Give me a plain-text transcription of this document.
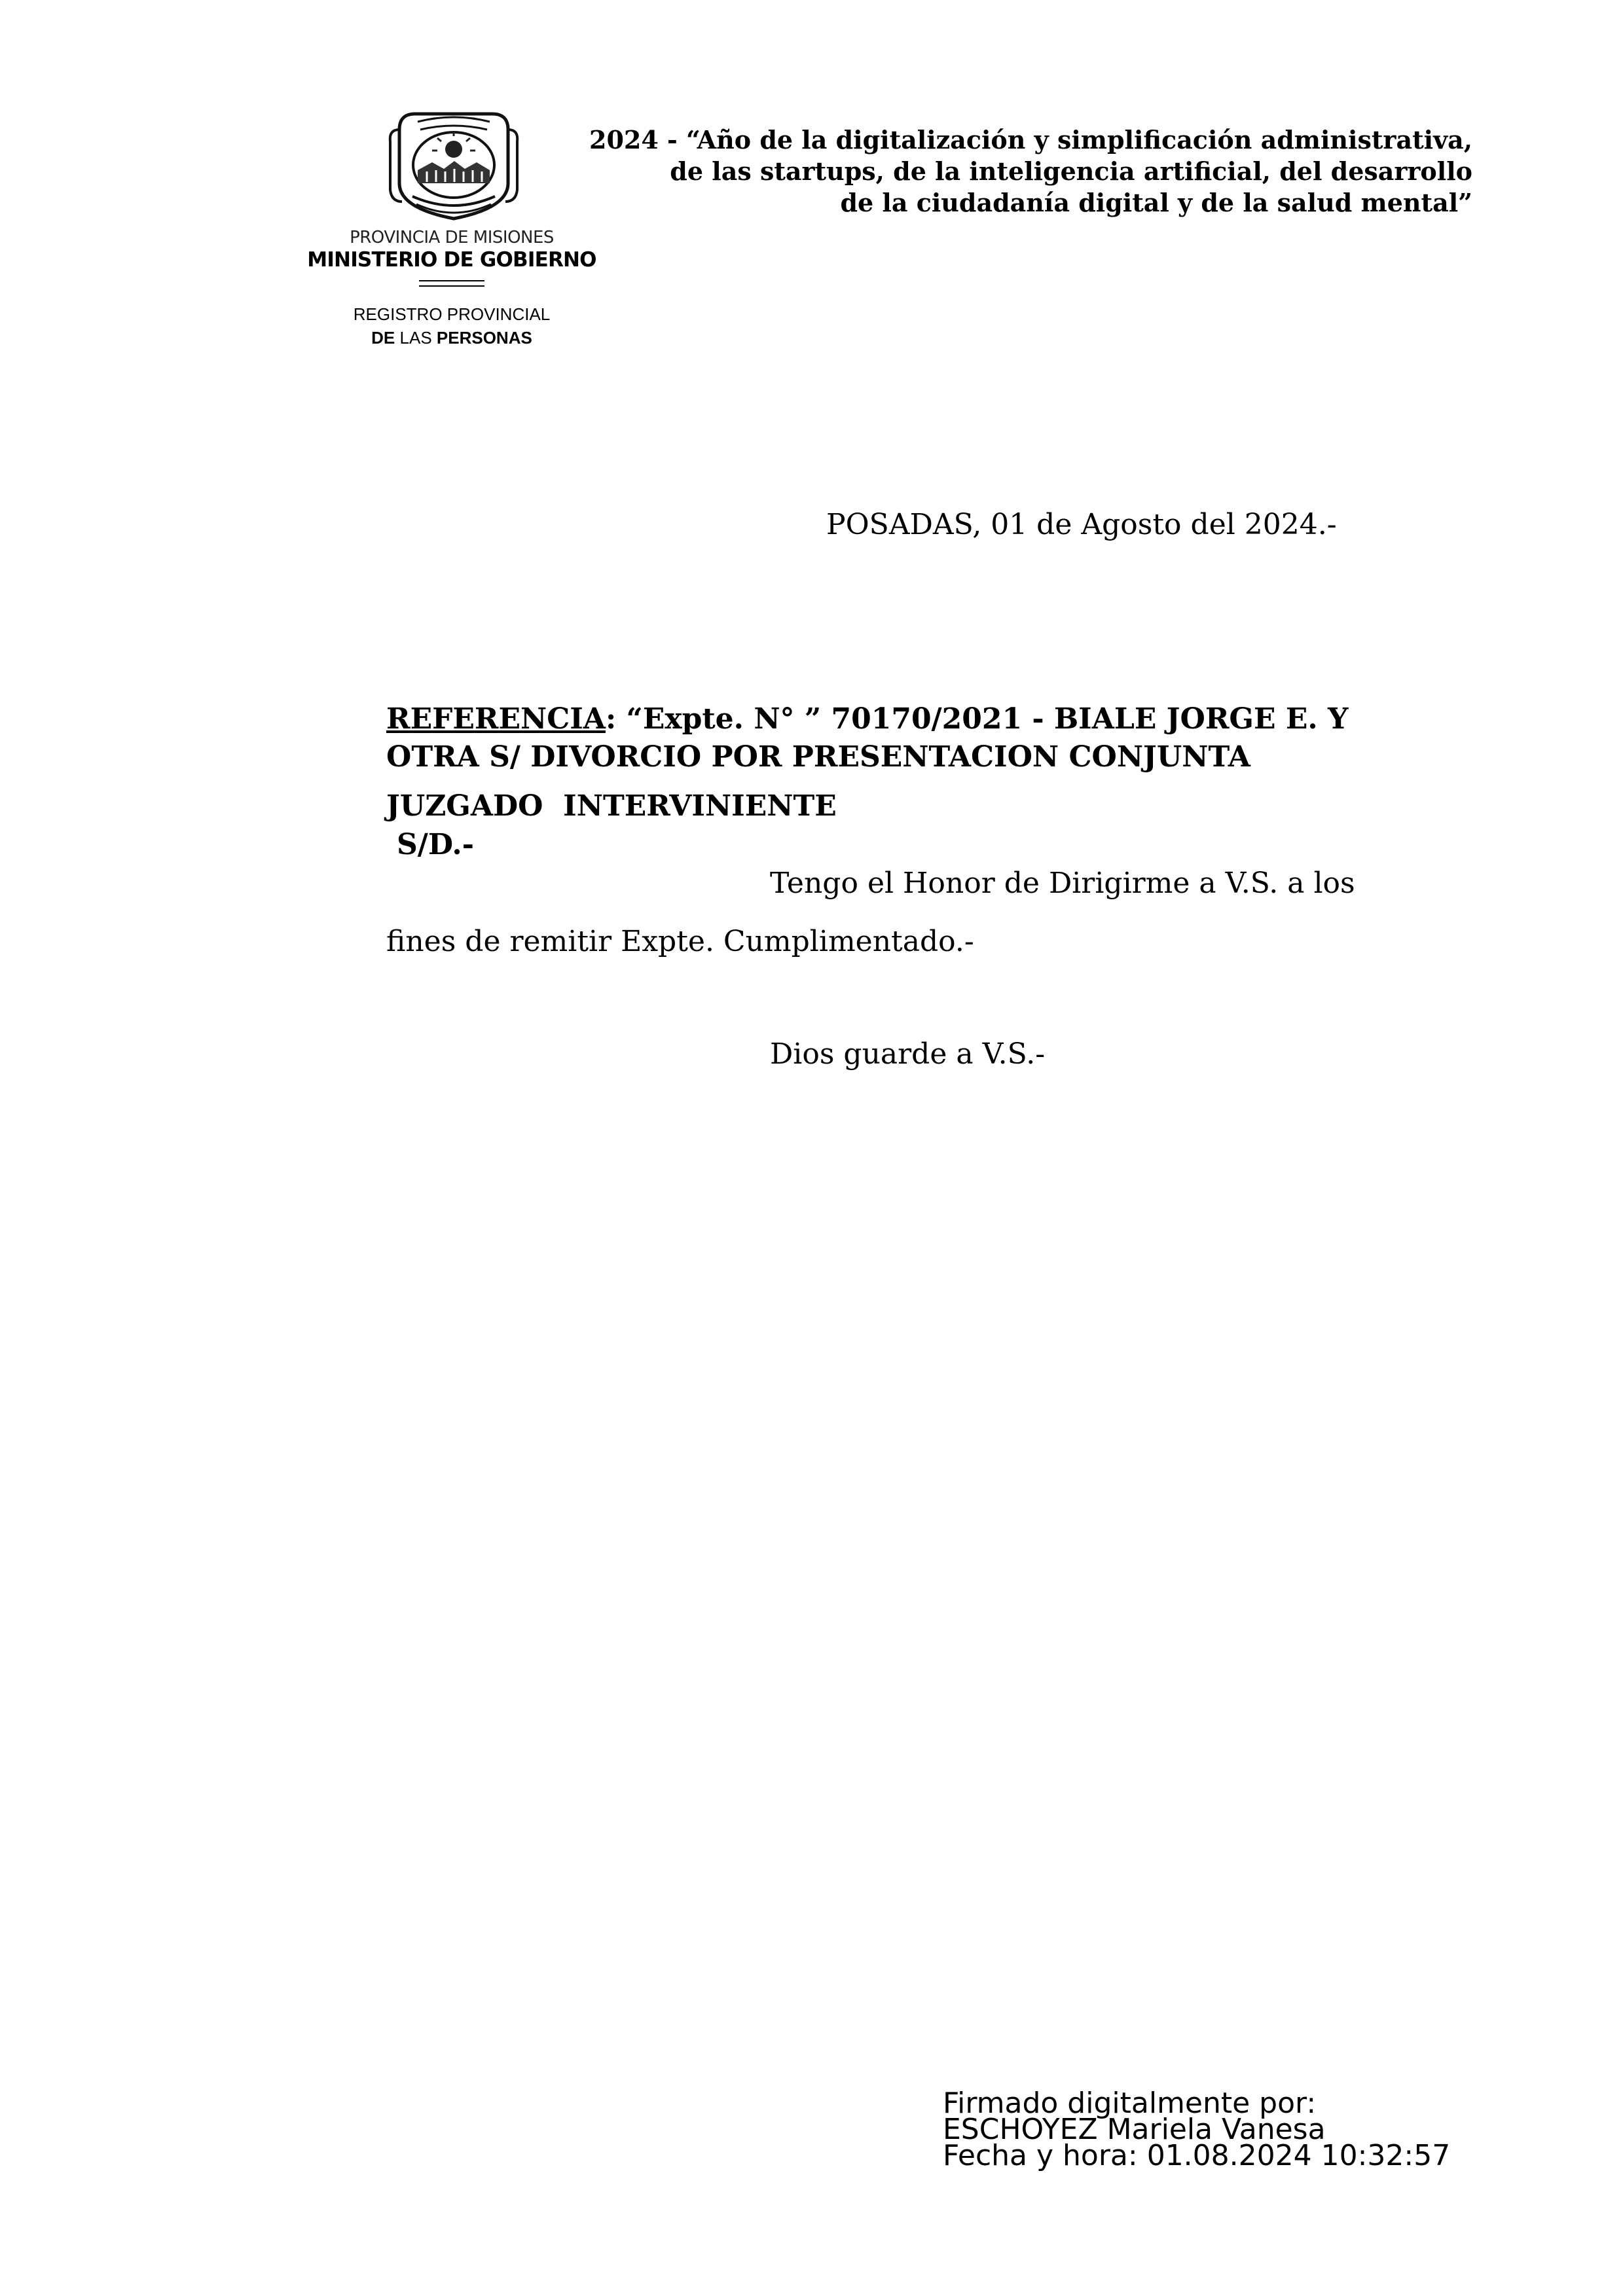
PROVINCIA DE MISIONES
MINISTERIO DE GOBIERNO
REGISTRO PROVINCIAL
DE LAS PERSONAS
2024 - “Año de la digitalización y simplificación administrativa,
de las startups, de la inteligencia artificial, del desarrollo
de la ciudadanía digital y de la salud mental”
POSADAS, 01 de Agosto del 2024.-
REFERENCIA: “Expte. N° ” 70170/2021 - BIALE JORGE E. Y
OTRA S/ DIVORCIO POR PRESENTACION CONJUNTA
JUZGADO  INTERVINIENTE
S/D.-
Tengo el Honor de Dirigirme a V.S. a los
fines de remitir Expte. Cumplimentado.-
Dios guarde a V.S.-
Firmado digitalmente por:
ESCHOYEZ Mariela Vanesa
Fecha y hora: 01.08.2024 10:32:57
